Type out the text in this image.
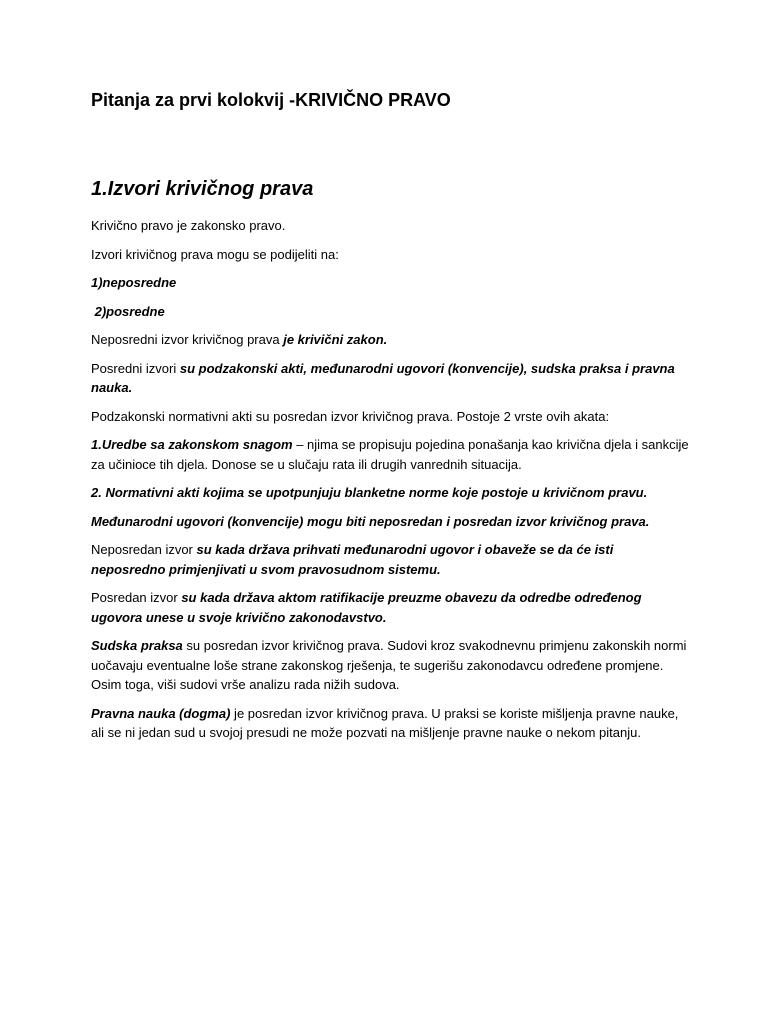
Pitanja za prvi kolokvij -KRIVIČNO PRAVO
1.Izvori krivičnog prava

Krivično pravo je zakonsko pravo.

Izvori krivičnog prava mogu se podijeliti na:

1)neposredne

2)posredne

Neposredni izvor krivičnog prava je krivični zakon.

Posredni izvori su podzakonski akti, međunarodni ugovori (konvencije), sudska praksa i pravna nauka.

Podzakonski normativni akti su posredan izvor krivičnog prava. Postoje 2 vrste ovih akata:

1.Uredbe sa zakonskom snagom – njima se propisuju pojedina ponašanja kao krivična djela i sankcije za učinioce tih djela. Donose se u slučaju rata ili drugih vanrednih situacija.

2. Normativni akti kojima se upotpunjuju blanketne norme koje postoje u krivičnom pravu.

Međunarodni ugovori (konvencije) mogu biti neposredan i posredan izvor krivičnog prava.

Neposredan izvor su kada država prihvati međunarodni ugovor i obaveže se da će isti neposredno primjenjivati u svom pravosudnom sistemu.

Posredan izvor su kada država aktom ratifikacije preuzme obavezu da odredbe određenog ugovora unese u svoje krivično zakonodavstvo.

Sudska praksa su posredan izvor krivičnog prava. Sudovi kroz svakodnevnu primjenu zakonskih normi uočavaju eventualne loše strane zakonskog rješenja, te sugerišu zakonodavcu određene promjene. Osim toga, viši sudovi vrše analizu rada nižih sudova.

Pravna nauka (dogma) je posredan izvor krivičnog prava. U praksi se koriste mišljenja pravne nauke, ali se ni jedan sud u svojoj presudi ne može pozvati na mišljenje pravne nauke o nekom pitanju.
